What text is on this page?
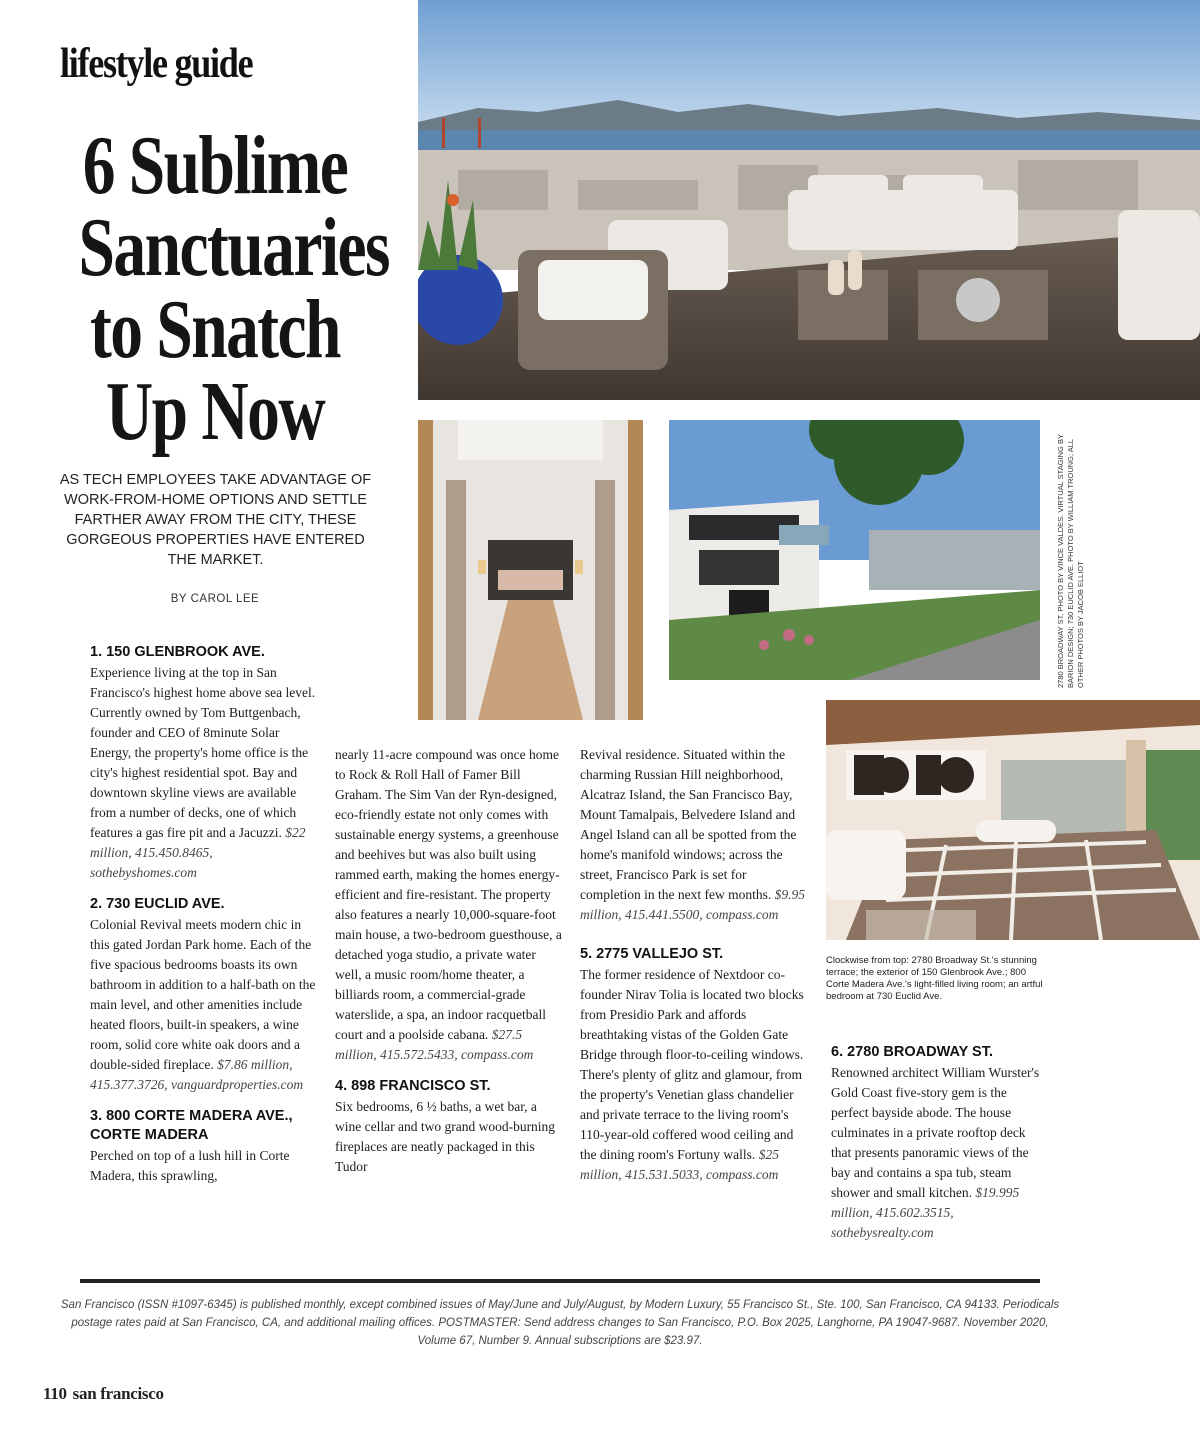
lifestyle guide
6 Sublime
Sanctuaries
to Snatch
Up Now

AS TECH EMPLOYEES TAKE ADVANTAGE OF WORK-FROM-HOME OPTIONS AND SETTLE FARTHER AWAY FROM THE CITY, THESE GORGEOUS PROPERTIES HAVE ENTERED THE MARKET.

BY CAROL LEE	2780 BROADWAY ST. PHOTO BY VINCE VALDES. VIRTUAL STAGING BY BARION DESIGN; 730 EUCLID AVE. PHOTO BY WILLIAM TROUNG; ALL OTHER PHOTOS BY JACOB ELLIOT

Clockwise from top: 2780 Broadway St.'s stunning terrace; the exterior of 150 Glenbrook Ave.; 800 Corte Madera Ave.'s light-filled living room; an artful bedroom at 730 Euclid Ave.

1. 150 GLENBROOK AVE.
Experience living at the top in San Francisco's highest home above sea level. Currently owned by Tom Buttgenbach, founder and CEO of 8minute Solar Energy, the property's home office is the city's highest residential spot. Bay and downtown skyline views are available from a number of decks, one of which features a gas fire pit and a Jacuzzi. $22 million, 415.450.8465, sothebyshomes.com
2. 730 EUCLID AVE.
Colonial Revival meets modern chic in this gated Jordan Park home. Each of the five spacious bedrooms boasts its own bathroom in addition to a half-bath on the main level, and other amenities include heated floors, built-in speakers, a wine room, solid core white oak doors and a double-sided fireplace. $7.86 million, 415.377.3726, vanguardproperties.com
3. 800 CORTE MADERA AVE., CORTE MADERA
Perched on top of a lush hill in Corte Madera, this sprawling,
nearly 11-acre compound was once home to Rock & Roll Hall of Famer Bill Graham. The Sim Van der Ryn-designed, eco-friendly estate not only comes with sustainable energy systems, a greenhouse and beehives but was also built using rammed earth, making the homes energy-efficient and fire-resistant. The property also features a nearly 10,000-square-foot main house, a two-bedroom guesthouse, a detached yoga studio, a private water well, a music room/home theater, a billiards room, a commercial-grade waterslide, a spa, an indoor racquetball court and a poolside cabana. $27.5 million, 415.572.5433, compass.com
4. 898 FRANCISCO ST.
Six bedrooms, 6 ½ baths, a wet bar, a wine cellar and two grand wood-burning fireplaces are neatly packaged in this Tudor
Revival residence. Situated within the charming Russian Hill neighborhood, Alcatraz Island, the San Francisco Bay, Mount Tamalpais, Belvedere Island and Angel Island can all be spotted from the home's manifold windows; across the street, Francisco Park is set for completion in the next few months. $9.95 million, 415.441.5500, compass.com
5. 2775 VALLEJO ST.
The former residence of Nextdoor co-founder Nirav Tolia is located two blocks from Presidio Park and affords breathtaking vistas of the Golden Gate Bridge through floor-to-ceiling windows. There's plenty of glitz and glamour, from the property's Venetian glass chandelier and private terrace to the living room's 110-year-old coffered wood ceiling and the dining room's Fortuny walls. $25 million, 415.531.5033, compass.com
6. 2780 BROADWAY ST.
Renowned architect William Wurster's Gold Coast five-story gem is the perfect bayside abode. The house culminates in a private rooftop deck that presents panoramic views of the bay and contains a spa tub, steam shower and small kitchen. $19.995 million, 415.602.3515, sothebysrealty.com

San Francisco (ISSN #1097-6345) is published monthly, except combined issues of May/June and July/August, by Modern Luxury, 55 Francisco St., Ste. 100, San Francisco, CA 94133. Periodicals postage rates paid at San Francisco, CA, and additional mailing offices. POSTMASTER: Send address changes to San Francisco, P.O. Box 2025, Langhorne, PA 19047-9687. November 2020, Volume 67, Number 9. Annual subscriptions are $23.97.

110 san francisco
